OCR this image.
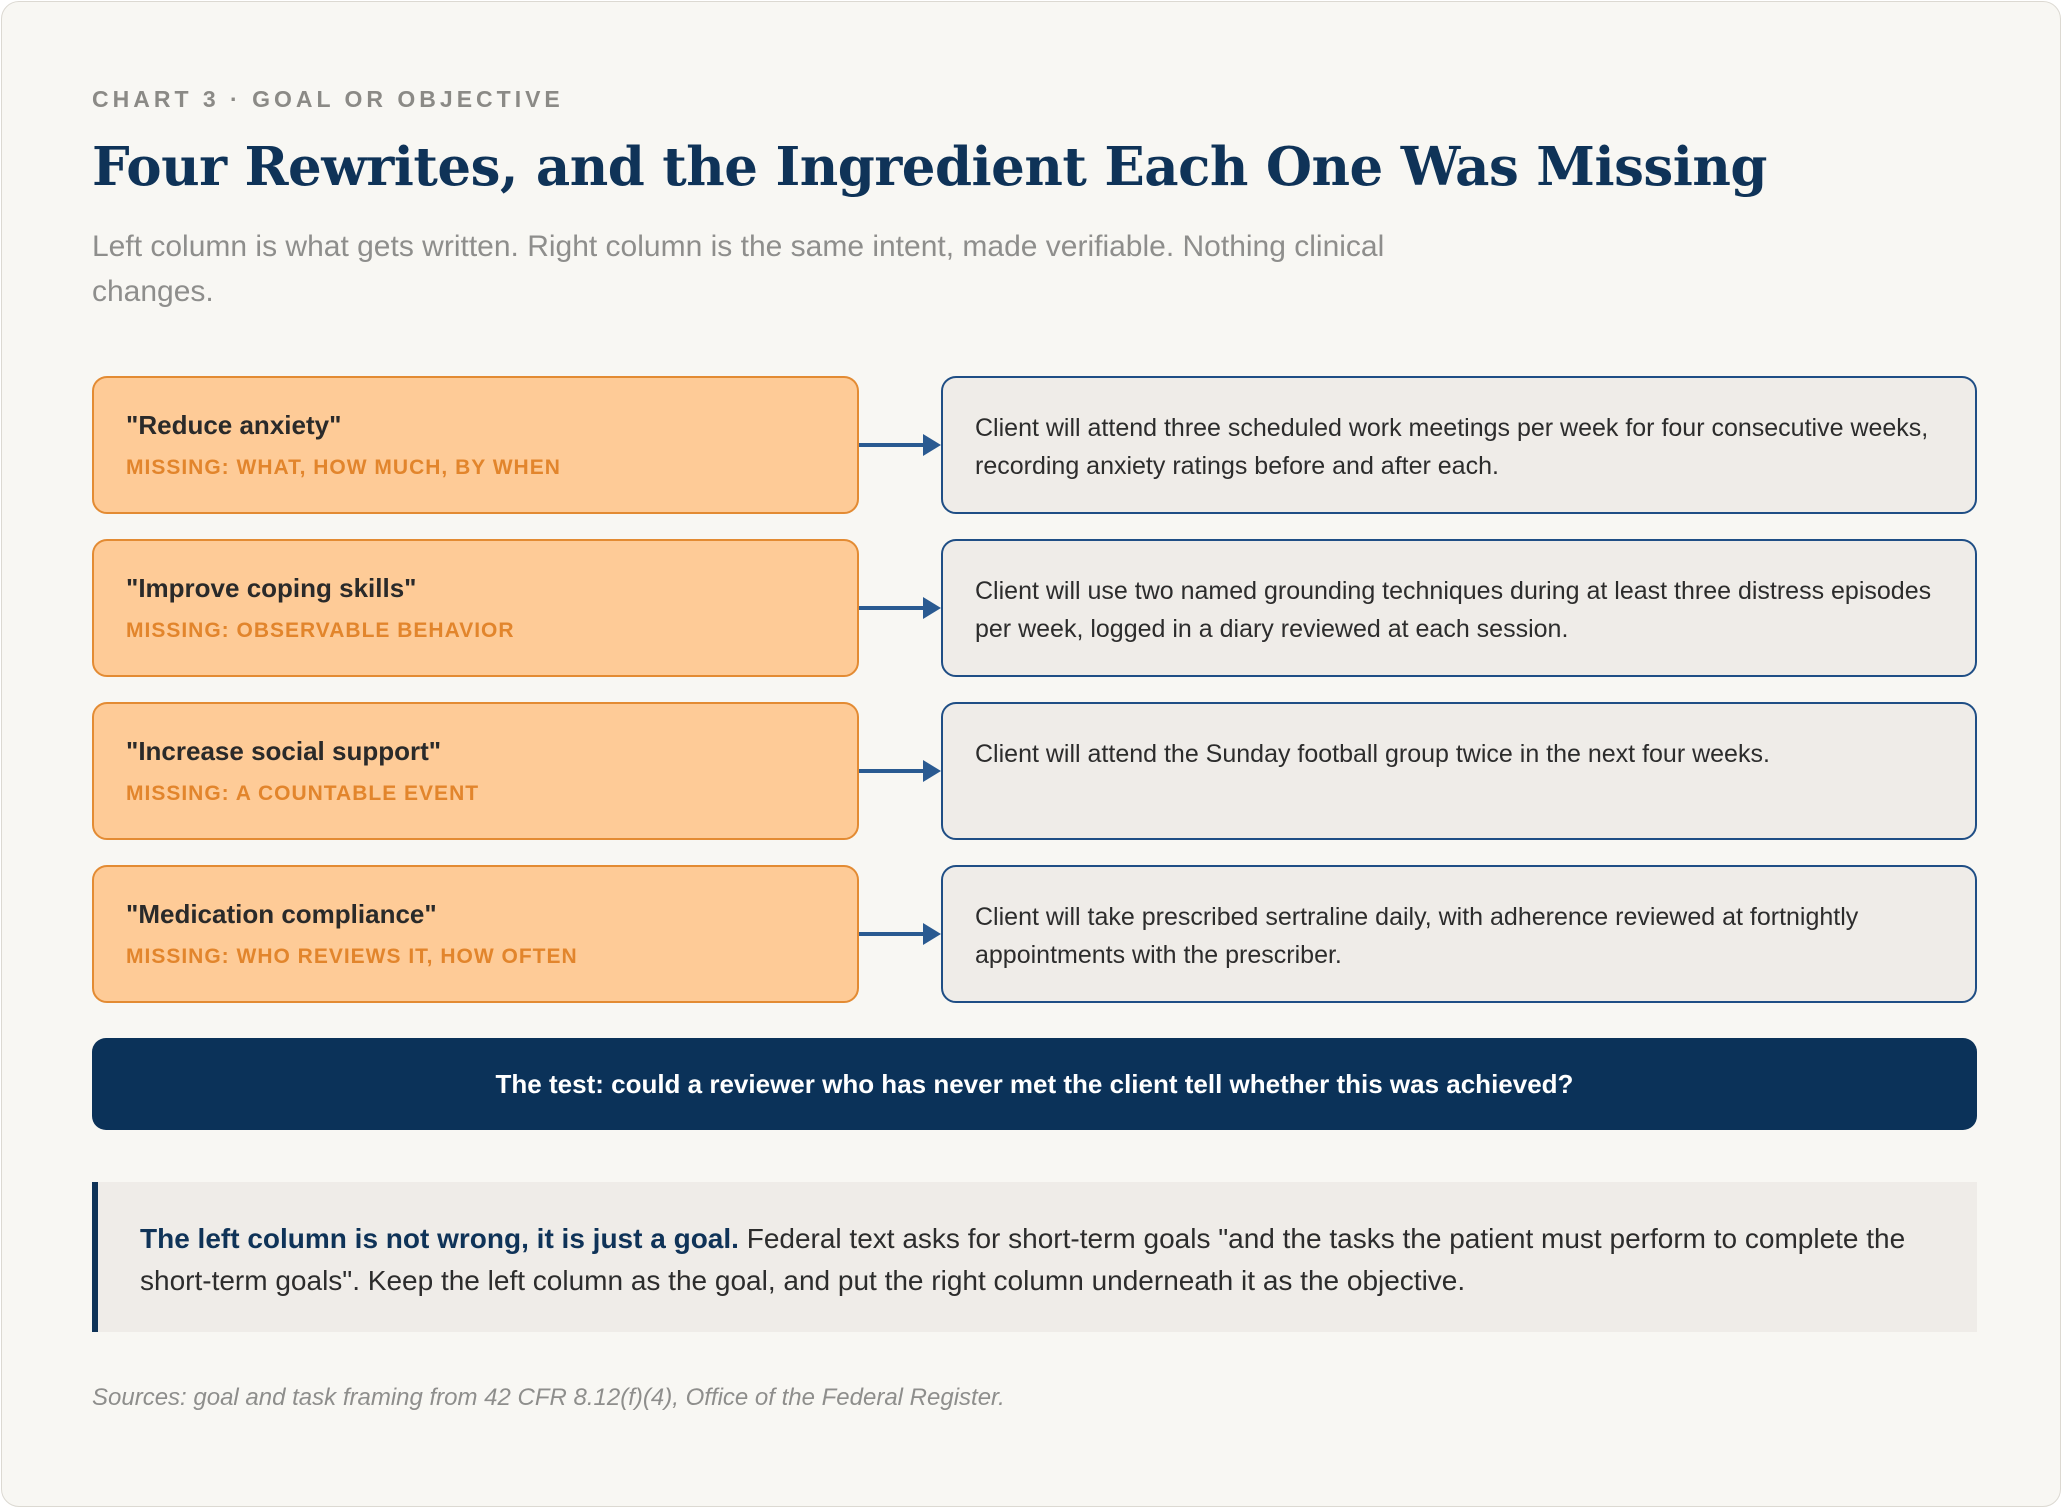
CHART 3 · GOAL OR OBJECTIVE
Four Rewrites, and the Ingredient Each One Was Missing
Left column is what gets written. Right column is the same intent, made verifiable. Nothing clinical changes.
"Reduce anxiety"
MISSING: WHAT, HOW MUCH, BY WHEN
Client will attend three scheduled work meetings per week for four consecutive weeks, recording anxiety ratings before and after each.
"Improve coping skills"
MISSING: OBSERVABLE BEHAVIOR
Client will use two named grounding techniques during at least three distress episodes per week, logged in a diary reviewed at each session.
"Increase social support"
MISSING: A COUNTABLE EVENT
Client will attend the Sunday football group twice in the next four weeks.
"Medication compliance"
MISSING: WHO REVIEWS IT, HOW OFTEN
Client will take prescribed sertraline daily, with adherence reviewed at fortnightly appointments with the prescriber.
The test: could a reviewer who has never met the client tell whether this was achieved?
The left column is not wrong, it is just a goal. Federal text asks for short-term goals "and the tasks the patient must perform to complete the short-term goals". Keep the left column as the goal, and put the right column underneath it as the objective.
Sources: goal and task framing from 42 CFR 8.12(f)(4), Office of the Federal Register.
